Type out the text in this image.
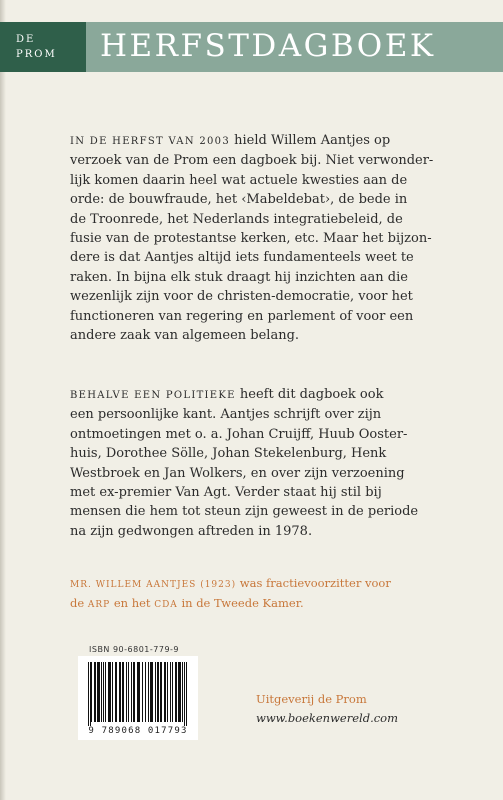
DE
PROM	HERFSTDAGBOEK
IN DE HERFST VAN 2003 hield Willem Aantjes op
verzoek van de Prom een dagboek bij. Niet verwonder-
lijk komen daarin heel wat actuele kwesties aan de
orde: de bouwfraude, het ‹Mabeldebat›, de bede in
de Troonrede, het Nederlands integratiebeleid, de
fusie van de protestantse kerken, etc. Maar het bijzon-
dere is dat Aantjes altijd iets fundamenteels weet te
raken. In bijna elk stuk draagt hij inzichten aan die
wezenlijk zijn voor de christen-democratie, voor het
functioneren van regering en parlement of voor een
andere zaak van algemeen belang.
BEHALVE EEN POLITIEKE heeft dit dagboek ook
een persoonlijke kant. Aantjes schrijft over zijn
ontmoetingen met o. a. Johan Cruijff, Huub Ooster-
huis, Dorothee Sölle, Johan Stekelenburg, Henk
Westbroek en Jan Wolkers, en over zijn verzoening
met ex-premier Van Agt. Verder staat hij stil bij
mensen die hem tot steun zijn geweest in de periode
na zijn gedwongen aftreden in 1978.
MR. WILLEM AANTJES (1923) was fractievoorzitter voor
de ARP en het CDA in de Tweede Kamer.
ISBN 90-6801-779-9
9 789068 017793
Uitgeverij de Prom
www.boekenwereld.com
